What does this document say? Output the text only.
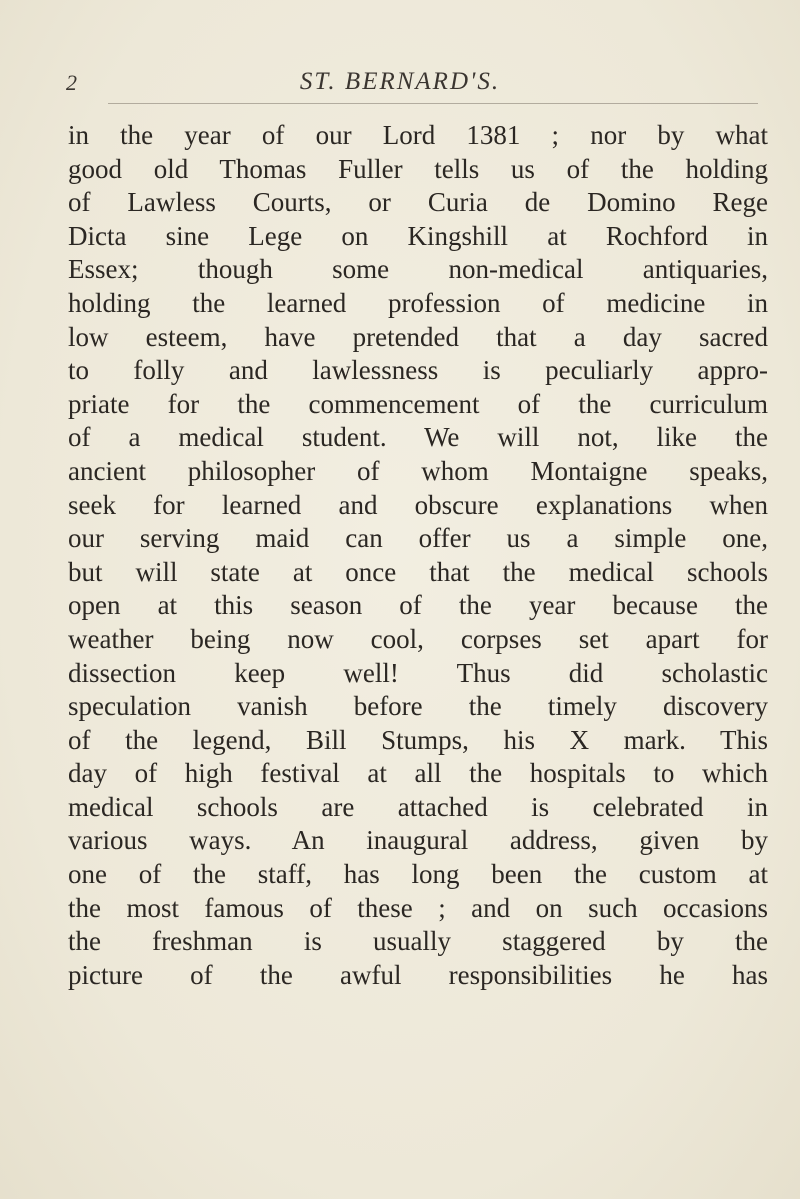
2	ST. BERNARD'S.
in the year of our Lord 1381 ; nor by what
good old Thomas Fuller tells us of the holding
of Lawless Courts, or Curia de Domino Rege
Dicta sine Lege on Kingshill at Rochford in
Essex; though some non-medical antiquaries,
holding the learned profession of medicine in
low esteem, have pretended that a day sacred
to folly and lawlessness is peculiarly appro-
priate for the commencement of the curriculum
of a medical student. We will not, like the
ancient philosopher of whom Montaigne speaks,
seek for learned and obscure explanations when
our serving maid can offer us a simple one,
but will state at once that the medical schools
open at this season of the year because the
weather being now cool, corpses set apart for
dissection keep well! Thus did scholastic
speculation vanish before the timely discovery
of the legend, Bill Stumps, his X mark. This
day of high festival at all the hospitals to which
medical schools are attached is celebrated in
various ways. An inaugural address, given by
one of the staff, has long been the custom at
the most famous of these ; and on such occasions
the freshman is usually staggered by the
picture of the awful responsibilities he has
